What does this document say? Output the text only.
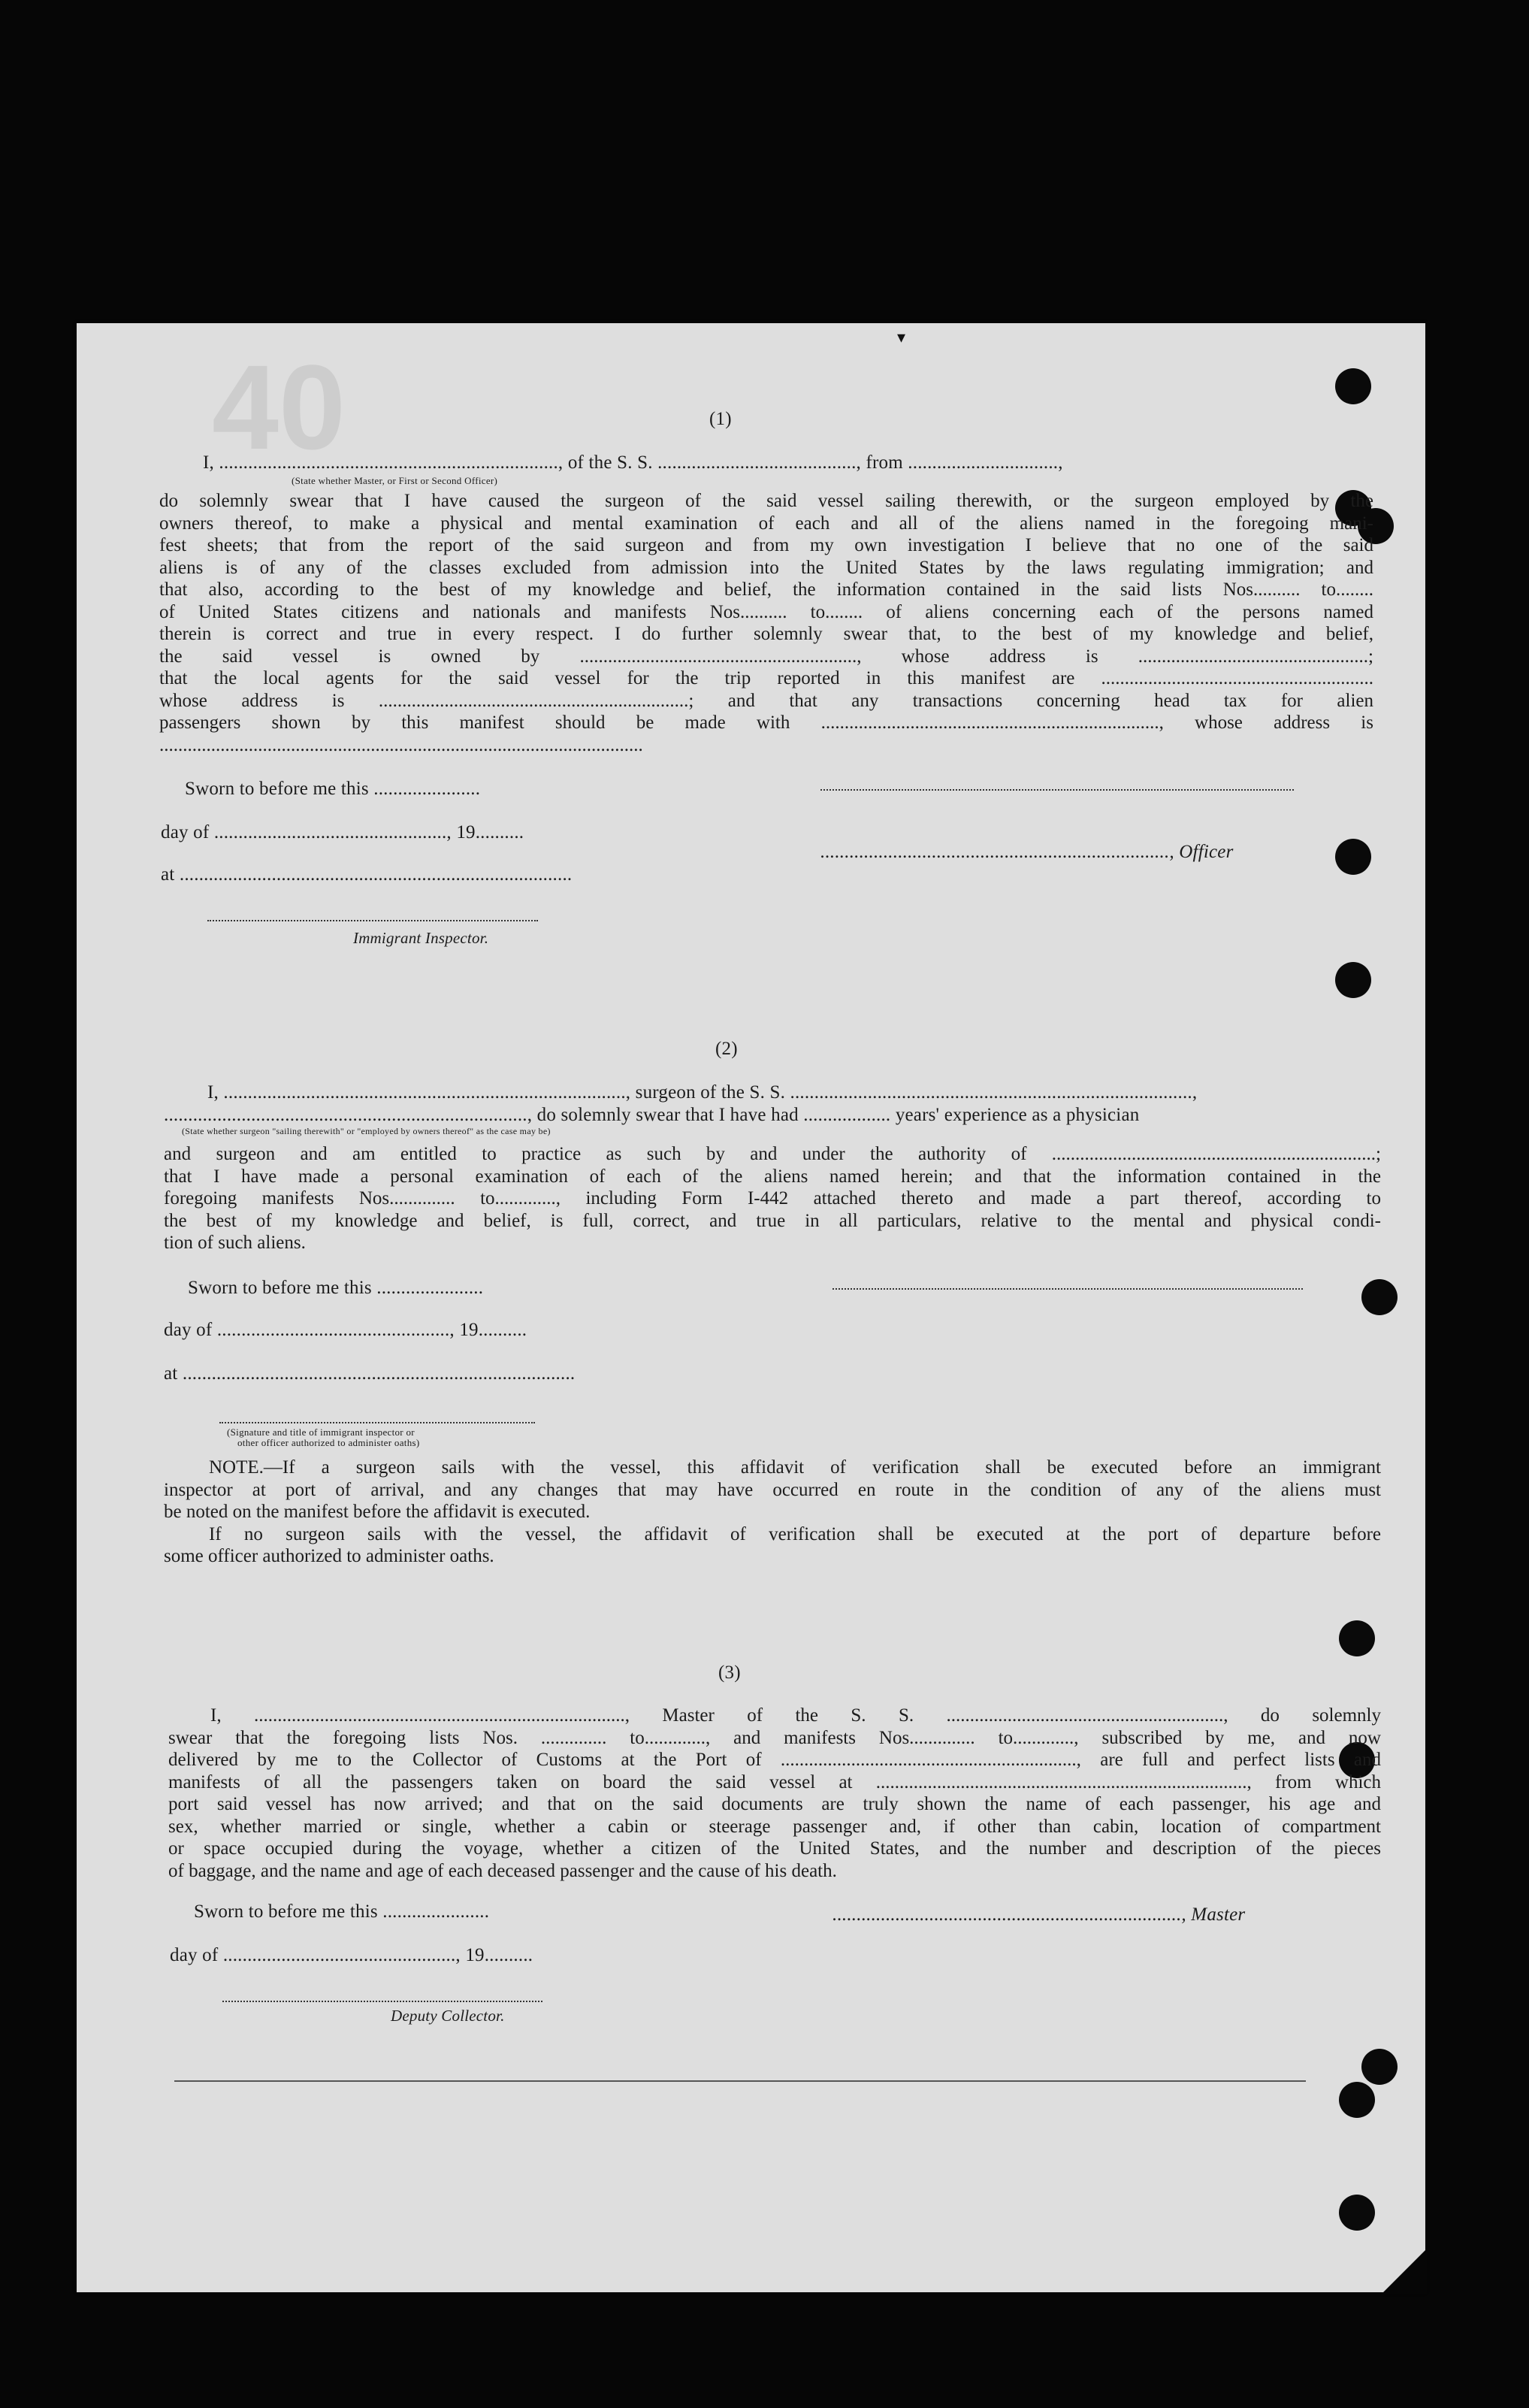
40
▾
(1)
I, ......................................................................, of the S. S. ........................................., from ...............................,
(State whether Master, or First or Second Officer)

do solemnly swear that I have caused the surgeon of the said vessel sailing therewith, or the surgeon employed by the

owners thereof, to make a physical and mental examination of each and all of the aliens named in the foregoing mani-

fest sheets; that from the report of the said surgeon and from my own investigation I believe that no one of the said

aliens is of any of the classes excluded from admission into the United States by the laws regulating immigration; and

that also, according to the best of my knowledge and belief, the information contained in the said lists Nos.......... to........

of United States citizens and nationals and manifests Nos.......... to........ of aliens concerning each of the persons named

therein is correct and true in every respect. I do further solemnly swear that, to the best of my knowledge and belief,

the said vessel is owned by ..........................................................., whose address is .................................................;

that the local agents for the said vessel for the trip reported in this manifest are ..........................................................

whose address is ..................................................................; and that any transactions concerning head tax for alien

passengers shown by this manifest should be made with ........................................................................, whose address is

.......................................................................................................

Sworn to before me this ......................
day of ................................................, 19..........
........................................................................, Officer
at .................................................................................
Immigrant Inspector.
(2)
I, ..................................................................................., surgeon of the S. S. ...................................................................................,
..........................................................................., do solemnly swear that I have had .................. years' experience as a physician
(State whether surgeon "sailing therewith" or "employed by owners thereof" as the case may be)

and surgeon and am entitled to practice as such by and under the authority of .....................................................................;

that I have made a personal examination of each of the aliens named herein; and that the information contained in the

foregoing manifests Nos.............. to............., including Form I-442 attached thereto and made a part thereof, according to

the best of my knowledge and belief, is full, correct, and true in all particulars, relative to the mental and physical condi-

tion of such aliens.

Sworn to before me this ......................
day of ................................................, 19..........
at .................................................................................
(Signature and title of immigrant inspector or
other officer authorized to administer oaths)

NOTE.—If a surgeon sails with the vessel, this affidavit of verification shall be executed before an immigrant

inspector at port of arrival, and any changes that may have occurred en route in the condition of any of the aliens must

be noted on the manifest before the affidavit is executed.

If no surgeon sails with the vessel, the affidavit of verification shall be executed at the port of departure before

some officer authorized to administer oaths.

(3)

I, ..............................................................................., Master of the S. S. ..........................................................., do solemnly

swear that the foregoing lists Nos. .............. to............., and manifests Nos.............. to............., subscribed by me, and now

delivered by me to the Collector of Customs at the Port of ..............................................................., are full and perfect lists and

manifests of all the passengers taken on board the said vessel at ..............................................................................., from which

port said vessel has now arrived; and that on the said documents are truly shown the name of each passenger, his age and

sex, whether married or single, whether a cabin or steerage passenger and, if other than cabin, location of compartment

or space occupied during the voyage, whether a citizen of the United States, and the number and description of the pieces

of baggage, and the name and age of each deceased passenger and the cause of his death.

Sworn to before me this ......................	........................................................................, Master
day of ................................................, 19..........
Deputy Collector.
